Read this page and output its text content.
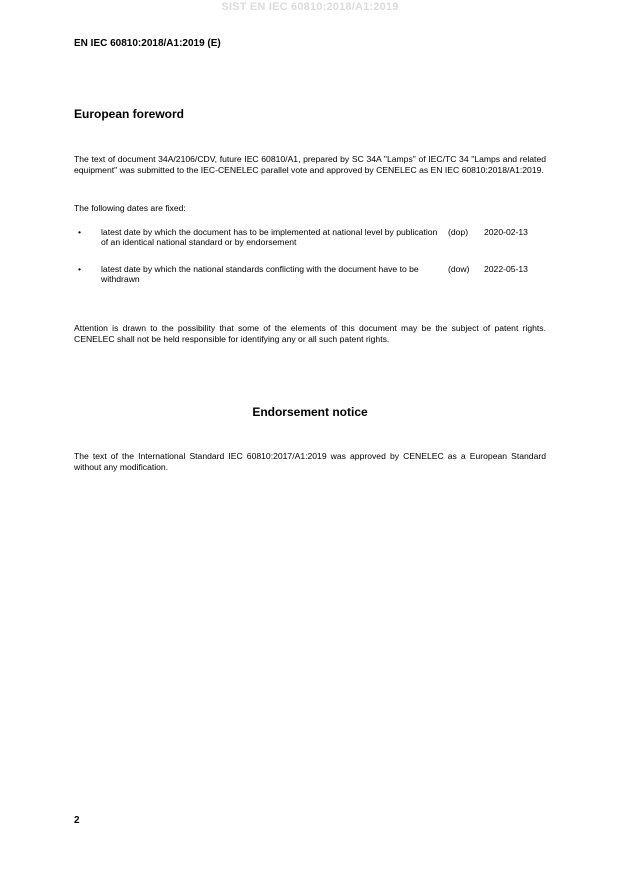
SIST EN IEC 60810:2018/A1:2019
EN IEC 60810:2018/A1:2019 (E)
European foreword
The text of document 34A/2106/CDV, future IEC 60810/A1, prepared by SC 34A "Lamps" of IEC/TC 34 "Lamps and related equipment" was submitted to the IEC-CENELEC parallel vote and approved by CENELEC as EN IEC 60810:2018/A1:2019.
The following dates are fixed:
• latest date by which the document has to be implemented at national level by publication of an identical national standard or by endorsement
(dop) 2020-02-13
• latest date by which the national standards conflicting with the document have to be withdrawn
(dow) 2022-05-13
Attention is drawn to the possibility that some of the elements of this document may be the subject of patent rights. CENELEC shall not be held responsible for identifying any or all such patent rights.
Endorsement notice
The text of the International Standard IEC 60810:2017/A1:2019 was approved by CENELEC as a European Standard without any modification.
2
